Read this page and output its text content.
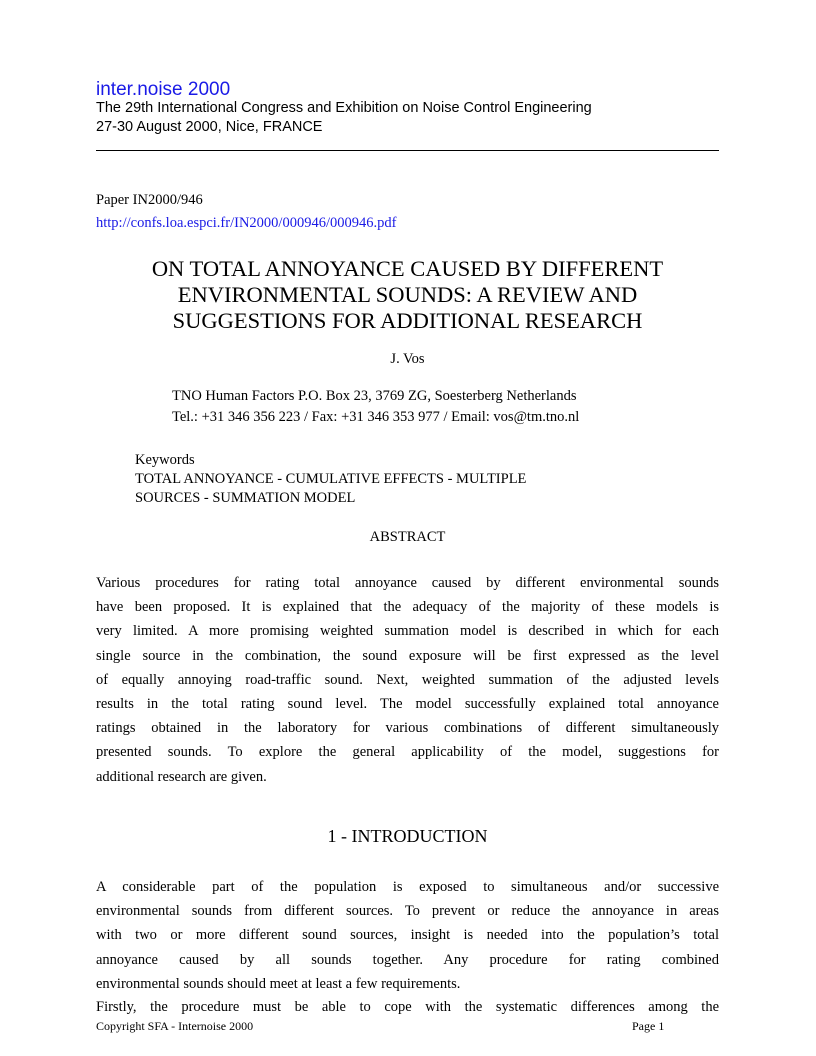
inter.noise 2000
The 29th International Congress and Exhibition on Noise Control Engineering
27-30 August 2000, Nice, FRANCE
Paper IN2000/946
http://confs.loa.espci.fr/IN2000/000946/000946.pdf
ON TOTAL ANNOYANCE CAUSED BY DIFFERENT
ENVIRONMENTAL SOUNDS: A REVIEW AND
SUGGESTIONS FOR ADDITIONAL RESEARCH
J. Vos
TNO Human Factors P.O. Box 23, 3769 ZG, Soesterberg Netherlands
Tel.: +31 346 356 223 / Fax: +31 346 353 977 / Email: vos@tm.tno.nl
Keywords
TOTAL ANNOYANCE - CUMULATIVE EFFECTS - MULTIPLE
SOURCES - SUMMATION MODEL
ABSTRACT
Various procedures for rating total annoyance caused by different environmental sounds
have been proposed. It is explained that the adequacy of the majority of these models is
very limited. A more promising weighted summation model is described in which for each
single source in the combination, the sound exposure will be first expressed as the level
of equally annoying road-traffic sound. Next, weighted summation of the adjusted levels
results in the total rating sound level. The model successfully explained total annoyance
ratings obtained in the laboratory for various combinations of different simultaneously
presented sounds. To explore the general applicability of the model, suggestions for
additional research are given.
1 - INTRODUCTION
A considerable part of the population is exposed to simultaneous and/or successive
environmental sounds from different sources. To prevent or reduce the annoyance in areas
with two or more different sound sources, insight is needed into the population’s total
annoyance caused by all sounds together. Any procedure for rating combined
environmental sounds should meet at least a few requirements.
Firstly, the procedure must be able to cope with the systematic differences among the
Copyright SFA - Internoise 2000	Page 1
